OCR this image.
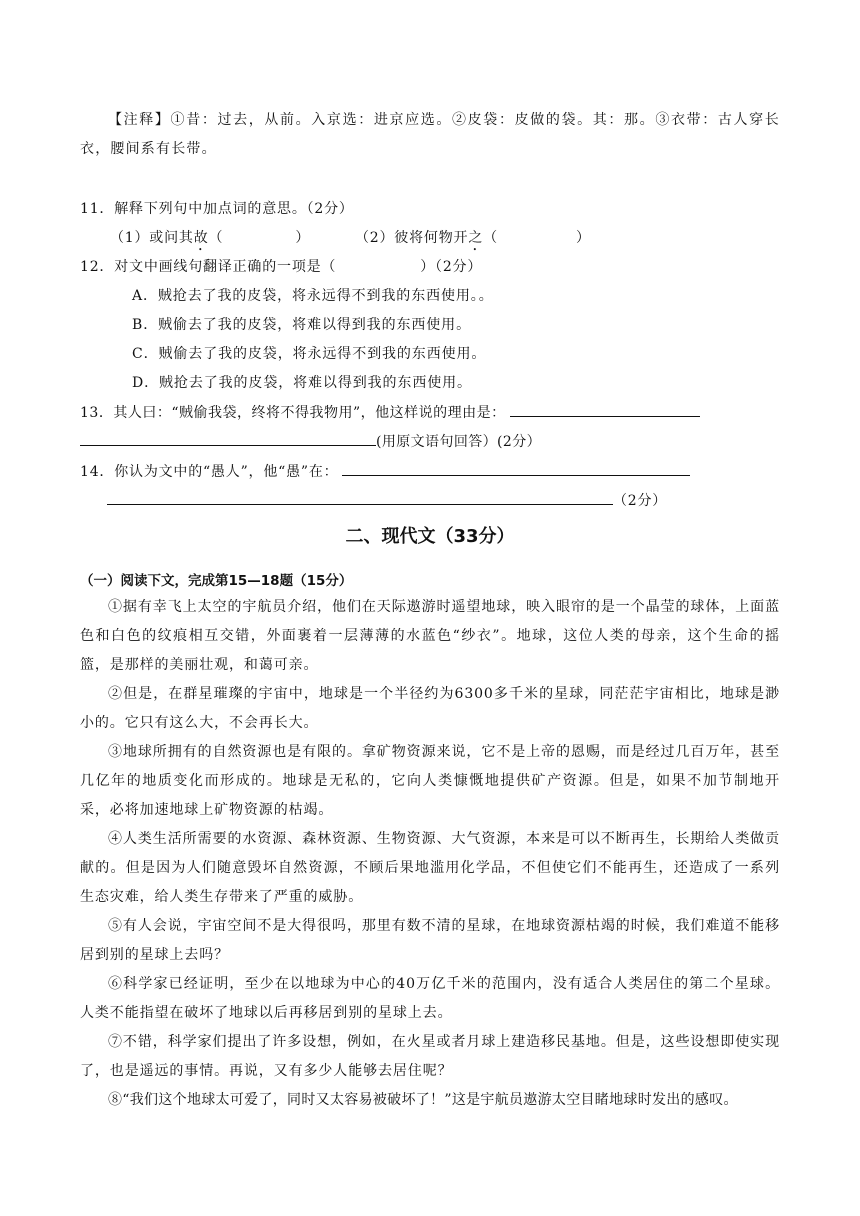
【注释】①昔：过去，从前。入京选：进京应选。②皮袋：皮做的袋。其：那。③衣带：古人穿长衣，腰间系有长带。
11．解释下列句中加点词的意思。（2分）
（1）或问其故（	）	（2）彼将何物开之（	）
12．对文中画线句翻译正确的一项是（	）（2分）
A．贼抢去了我的皮袋，将永远得不到我的东西使用。。
B．贼偷去了我的皮袋，将难以得到我的东西使用。
C．贼偷去了我的皮袋，将永远得不到我的东西使用。
D．贼抢去了我的皮袋，将难以得到我的东西使用。
13．其人曰：“贼偷我袋，终将不得我物用”，他这样说的理由是：
(用原文语句回答）(2分）
14．你认为文中的“愚人”，他“愚”在：
（2分）
二、现代文（33分）
（一）阅读下文，完成第15—18题（15分）
①据有幸飞上太空的宇航员介绍，他们在天际遨游时遥望地球，映入眼帘的是一个晶莹的球体，上面蓝色和白色的纹痕相互交错，外面裹着一层薄薄的水蓝色“纱衣”。地球，这位人类的母亲，这个生命的摇篮，是那样的美丽壮观，和蔼可亲。
②但是，在群星璀璨的宇宙中，地球是一个半径约为6300多千米的星球，同茫茫宇宙相比，地球是渺小的。它只有这么大，不会再长大。
③地球所拥有的自然资源也是有限的。拿矿物资源来说，它不是上帝的恩赐，而是经过几百万年，甚至几亿年的地质变化而形成的。地球是无私的，它向人类慷慨地提供矿产资源。但是，如果不加节制地开采，必将加速地球上矿物资源的枯竭。
④人类生活所需要的水资源、森林资源、生物资源、大气资源，本来是可以不断再生，长期给人类做贡献的。但是因为人们随意毁坏自然资源，不顾后果地滥用化学品，不但使它们不能再生，还造成了一系列生态灾难，给人类生存带来了严重的威胁。
⑤有人会说，宇宙空间不是大得很吗，那里有数不清的星球，在地球资源枯竭的时候，我们难道不能移居到别的星球上去吗？
⑥科学家已经证明，至少在以地球为中心的40万亿千米的范围内，没有适合人类居住的第二个星球。人类不能指望在破坏了地球以后再移居到别的星球上去。
⑦不错，科学家们提出了许多设想，例如，在火星或者月球上建造移民基地。但是，这些设想即使实现了，也是遥远的事情。再说，又有多少人能够去居住呢？
⑧“我们这个地球太可爱了，同时又太容易被破坏了！”这是宇航员遨游太空目睹地球时发出的感叹。
